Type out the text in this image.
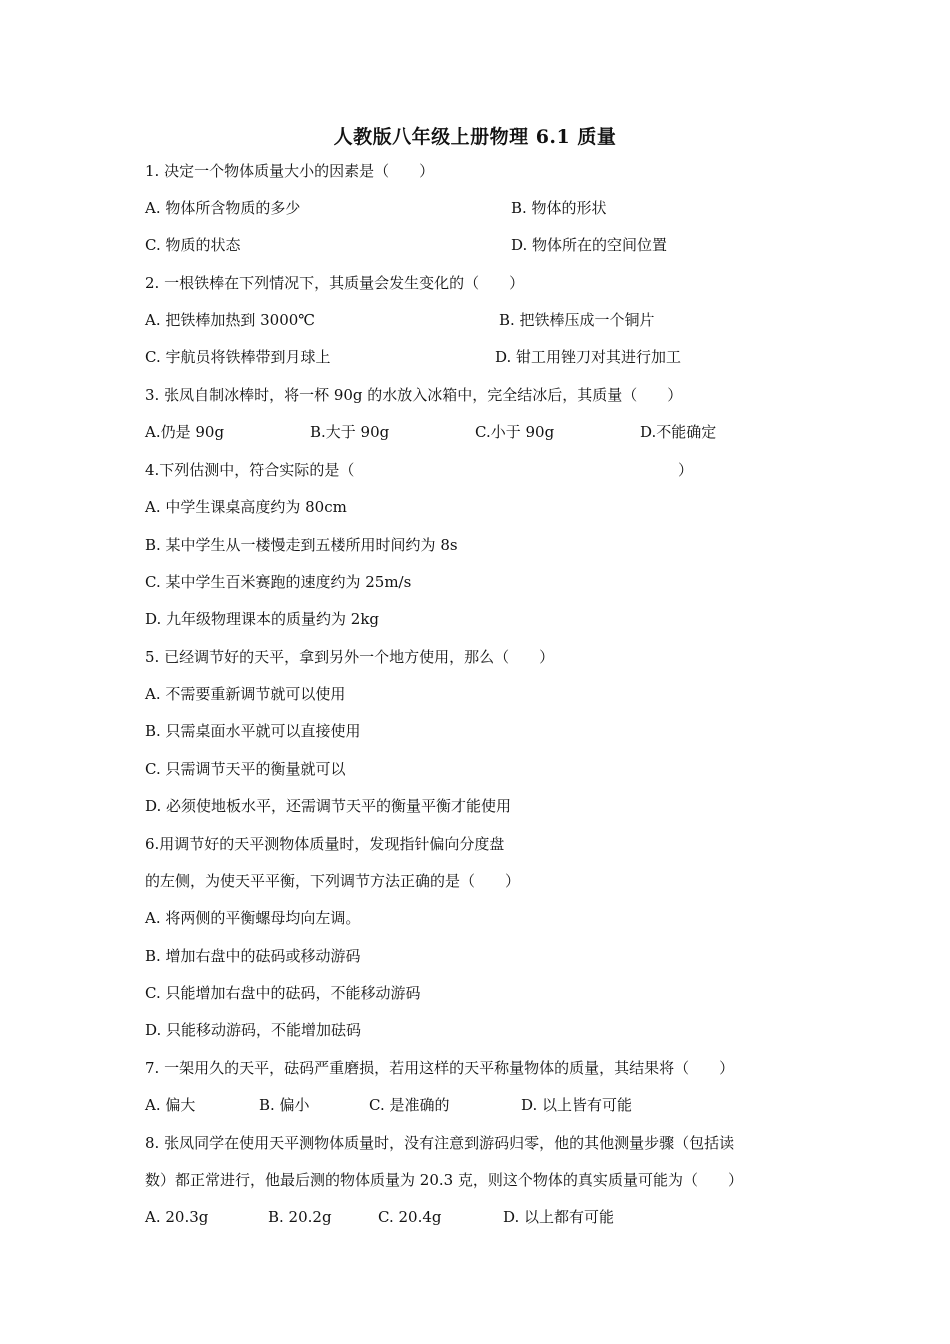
人教版八年级上册物理 6.1 质量
1. 决定一个物体质量大小的因素是（　　）
A. 物体所含物质的多少	B. 物体的形状
C. 物质的状态	D. 物体所在的空间位置
2. 一根铁棒在下列情况下，其质量会发生变化的（　　）
A. 把铁棒加热到 3000℃	B. 把铁棒压成一个铜片
C. 宇航员将铁棒带到月球上	D. 钳工用锉刀对其进行加工
3. 张凤自制冰棒时，将一杯 90g 的水放入冰箱中，完全结冰后，其质量（　　）
A.仍是 90g	B.大于 90g	C.小于 90g	D.不能确定
4.下列估测中，符合实际的是（	）
A. 中学生课桌高度约为 80cm
B. 某中学生从一楼慢走到五楼所用时间约为 8s
C. 某中学生百米赛跑的速度约为 25m/s
D. 九年级物理课本的质量约为 2kg
5. 已经调节好的天平，拿到另外一个地方使用，那么（　　）
A. 不需要重新调节就可以使用
B. 只需桌面水平就可以直接使用
C. 只需调节天平的衡量就可以
D. 必须使地板水平，还需调节天平的衡量平衡才能使用
6.用调节好的天平测物体质量时，发现指针偏向分度盘
的左侧，为使天平平衡，下列调节方法正确的是（　　）
A. 将两侧的平衡螺母均向左调。
B. 增加右盘中的砝码或移动游码
C. 只能增加右盘中的砝码，不能移动游码
D. 只能移动游码，不能增加砝码
7. 一架用久的天平，砝码严重磨损，若用这样的天平称量物体的质量，其结果将（　　）
A. 偏大	B. 偏小	C. 是准确的	D. 以上皆有可能
8. 张凤同学在使用天平测物体质量时，没有注意到游码归零，他的其他测量步骤（包括读
数）都正常进行，他最后测的物体质量为 20.3 克，则这个物体的真实质量可能为（　　）
A. 20.3g	B. 20.2g	C. 20.4g	D. 以上都有可能
